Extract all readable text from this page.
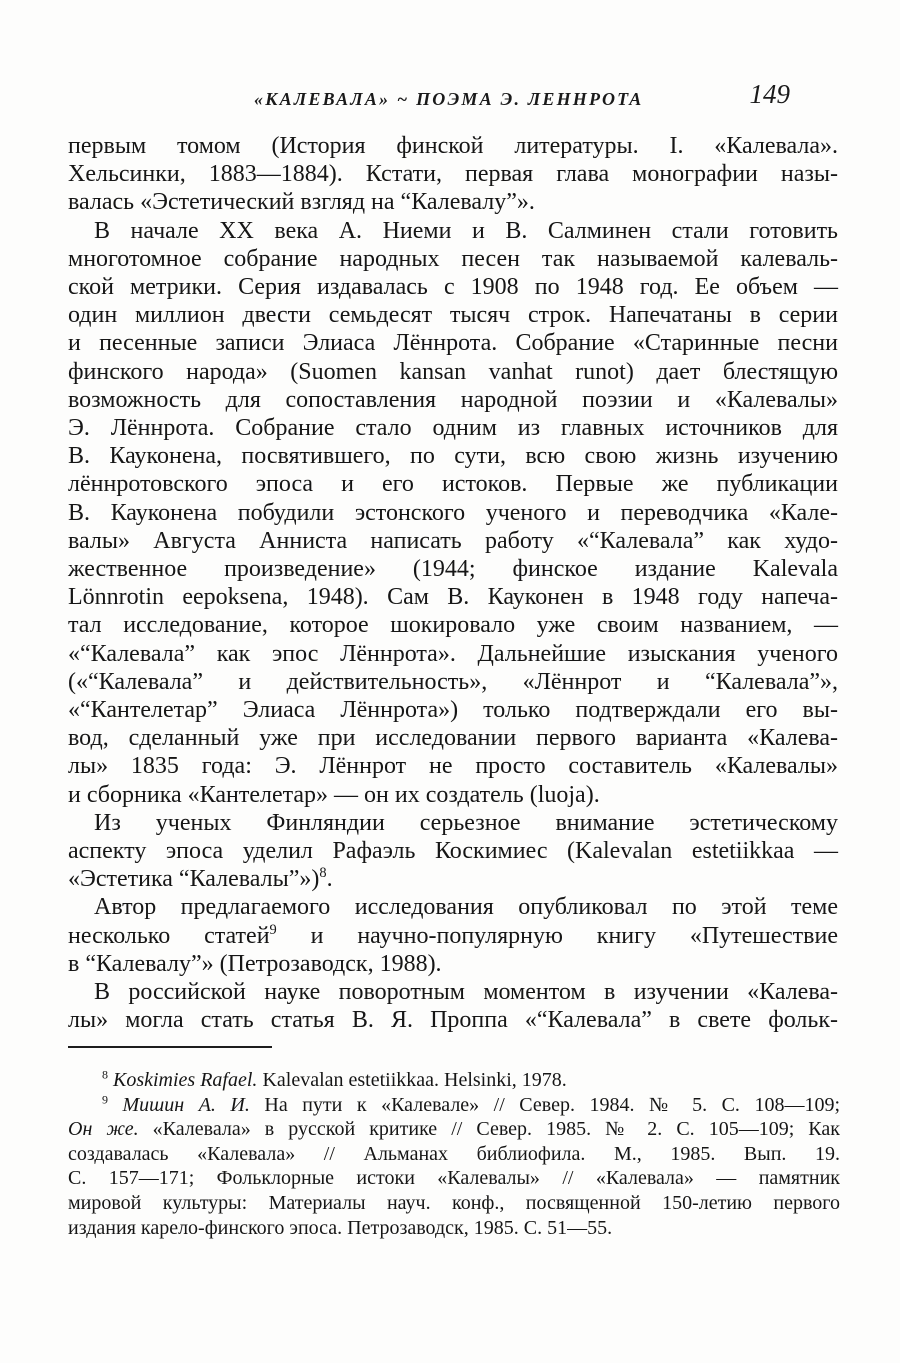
«КАЛЕВАЛА» ~ ПОЭМА Э. ЛЕННРОТА	149
первым томом (История финской литературы. I. «Калевала».
Хельсинки, 1883—1884). Кстати, первая глава монографии назы-
валась «Эстетический взгляд на “Калевалу”».
В начале XX века А. Ниеми и В. Салминен стали готовить
многотомное собрание народных песен так называемой калеваль-
ской метрики. Серия издавалась с 1908 по 1948 год. Ее объем —
один миллион двести семьдесят тысяч строк. Напечатаны в серии
и песенные записи Элиаса Лённрота. Собрание «Старинные песни
финского народа» (Suomen kansan vanhat runot) дает блестящую
возможность для сопоставления народной поэзии и «Калевалы»
Э. Лённрота. Собрание стало одним из главных источников для
В. Кауконена, посвятившего, по сути, всю свою жизнь изучению
лённротовского эпоса и его истоков. Первые же публикации
В. Кауконена побудили эстонского ученого и переводчика «Кале-
валы» Августа Анниста написать работу «“Калевала” как худо-
жественное произведение» (1944; финское издание Kalevala
Lönnrotin eepoksena, 1948). Сам В. Кауконен в 1948 году напеча-
тал исследование, которое шокировало уже своим названием, —
«“Калевала” как эпос Лённрота». Дальнейшие изыскания ученого
(«“Калевала” и действительность», «Лённрот и “Калевала”»,
«“Кантелетар” Элиаса Лённрота») только подтверждали его вы-
вод, сделанный уже при исследовании первого варианта «Калева-
лы» 1835 года: Э. Лённрот не просто составитель «Калевалы»
и сборника «Кантелетар» — он их создатель (luoja).
Из ученых Финляндии серьезное внимание эстетическому
аспекту эпоса уделил Рафаэль Коскимиес (Kalevalan estetiikkaa —
«Эстетика “Калевалы”»)$^8$.
Автор предлагаемого исследования опубликовал по этой теме
несколько статей$^9$ и научно-популярную книгу «Путешествие
в “Калевалу”» (Петрозаводск, 1988).
В российской науке поворотным моментом в изучении «Калева-
лы» могла стать статья В. Я. Проппа «“Калевала” в свете фольк-
$^8$ Koskimies Rafael. Kalevalan estetiikkaa. Helsinki, 1978.
$^9$ Мишин А. И. На пути к «Калевале» // Север. 1984. № 5. С. 108—109;
Он же. «Калевала» в русской критике // Север. 1985. № 2. С. 105—109; Как
создавалась «Калевала» // Альманах библиофила. М., 1985. Вып. 19.
С. 157—171; Фольклорные истоки «Калевалы» // «Калевала» — памятник
мировой культуры: Материалы науч. конф., посвященной 150-летию первого
издания карело-финского эпоса. Петрозаводск, 1985. С. 51—55.
